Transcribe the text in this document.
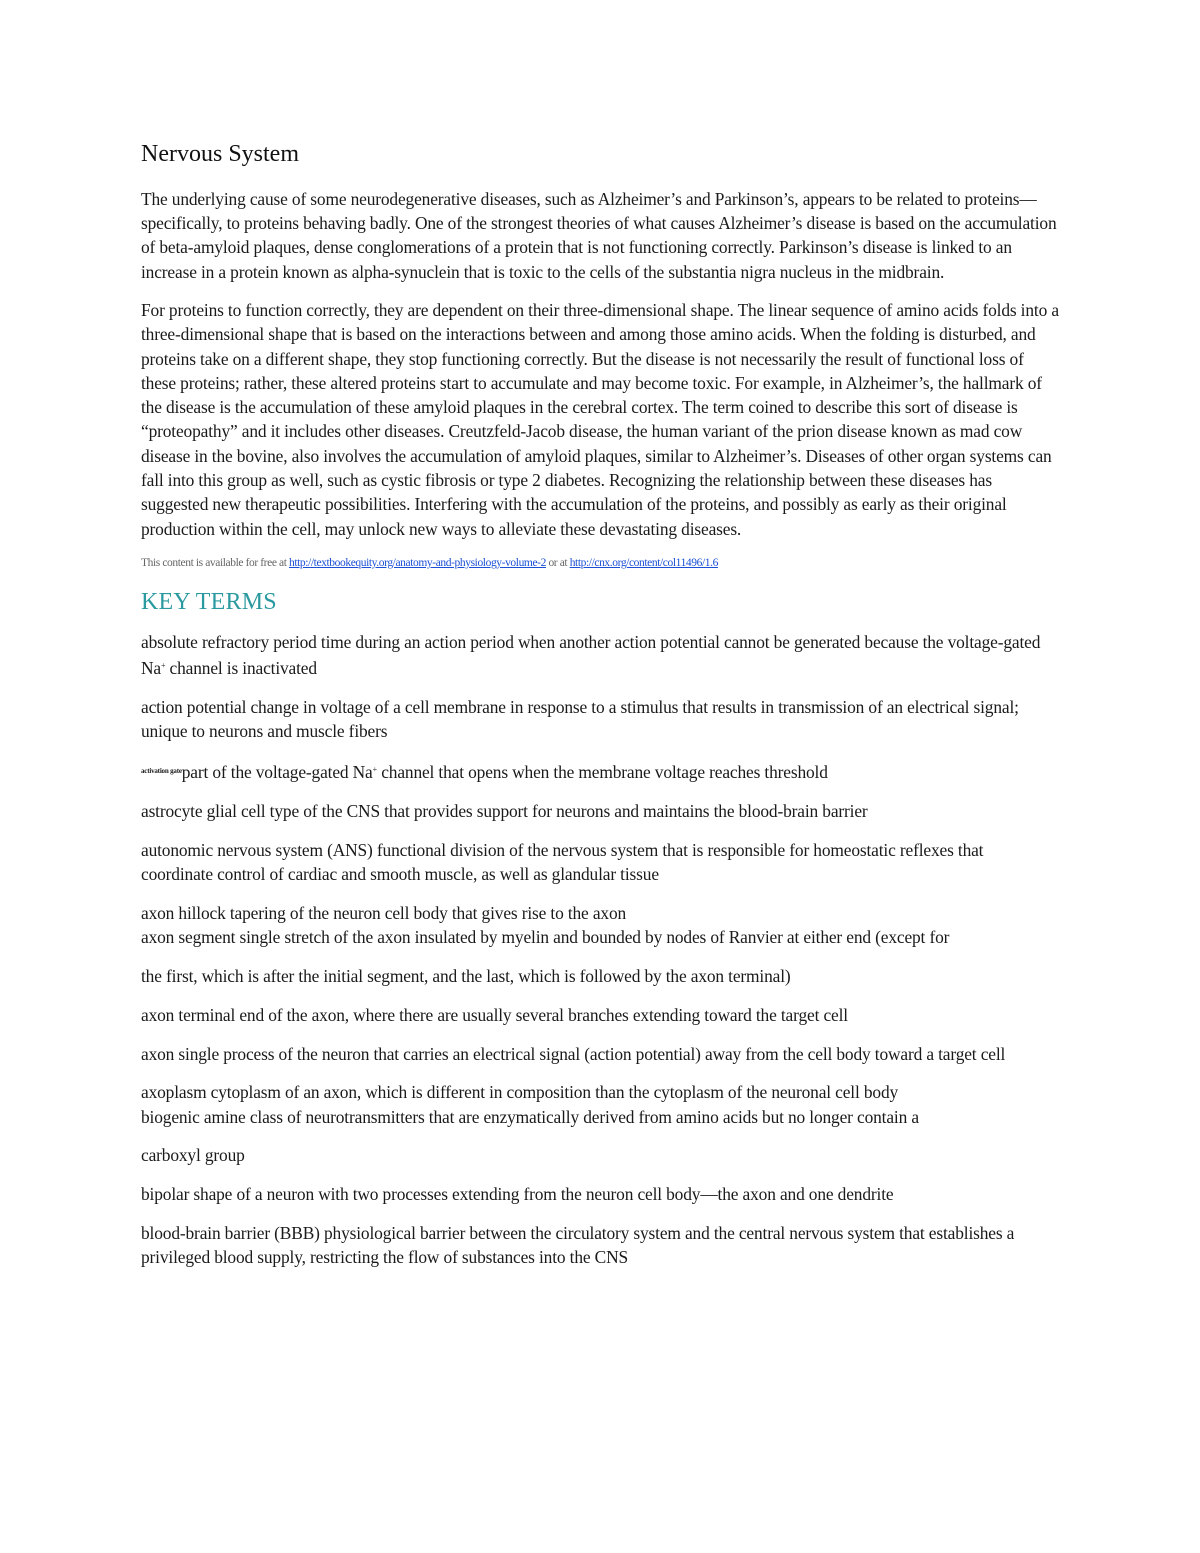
Nervous System

The underlying cause of some neurodegenerative diseases, such as Alzheimer’s and Parkinson’s, appears to be related to proteins—specifically, to proteins behaving badly. One of the strongest theories of what causes Alzheimer’s disease is based on the accumulation of beta-amyloid plaques, dense conglomerations of a protein that is not functioning correctly. Parkinson’s disease is linked to an increase in a protein known as alpha-synuclein that is toxic to the cells of the substantia nigra nucleus in the midbrain.

For proteins to function correctly, they are dependent on their three-dimensional shape. The linear sequence of amino acids folds into a three-dimensional shape that is based on the interactions between and among those amino acids. When the folding is disturbed, and proteins take on a different shape, they stop functioning correctly. But the disease is not necessarily the result of functional loss of these proteins; rather, these altered proteins start to accumulate and may become toxic. For example, in Alzheimer’s, the hallmark of the disease is the accumulation of these amyloid plaques in the cerebral cortex. The term coined to describe this sort of disease is “proteopathy” and it includes other diseases. Creutzfeld-Jacob disease, the human variant of the prion disease known as mad cow disease in the bovine, also involves the accumulation of amyloid plaques, similar to Alzheimer’s. Diseases of other organ systems can fall into this group as well, such as cystic fibrosis or type 2 diabetes. Recognizing the relationship between these diseases has suggested new therapeutic possibilities. Interfering with the accumulation of the proteins, and possibly as early as their original production within the cell, may unlock new ways to alleviate these devastating diseases.

This content is available for free at http://textbookequity.org/anatomy-and-physiology-volume-2 or at http://cnx.org/content/col11496/1.6

KEY TERMS

absolute refractory period time during an action period when another action potential cannot be generated because the voltage-gated Na+ channel is inactivated

action potential change in voltage of a cell membrane in response to a stimulus that results in transmission of an electrical signal; unique to neurons and muscle fibers

$^{activation gate}$part of the voltage-gated Na+ channel that opens when the membrane voltage reaches threshold

astrocyte glial cell type of the CNS that provides support for neurons and maintains the blood-brain barrier

autonomic nervous system (ANS) functional division of the nervous system that is responsible for homeostatic reflexes that coordinate control of cardiac and smooth muscle, as well as glandular tissue

axon hillock tapering of the neuron cell body that gives rise to the axon

axon segment single stretch of the axon insulated by myelin and bounded by nodes of Ranvier at either end (except for

the first, which is after the initial segment, and the last, which is followed by the axon terminal)

axon terminal end of the axon, where there are usually several branches extending toward the target cell

axon single process of the neuron that carries an electrical signal (action potential) away from the cell body toward a target cell

axoplasm cytoplasm of an axon, which is different in composition than the cytoplasm of the neuronal cell body

biogenic amine class of neurotransmitters that are enzymatically derived from amino acids but no longer contain a

carboxyl group

bipolar shape of a neuron with two processes extending from the neuron cell body—the axon and one dendrite

blood-brain barrier (BBB) physiological barrier between the circulatory system and the central nervous system that establishes a privileged blood supply, restricting the flow of substances into the CNS
